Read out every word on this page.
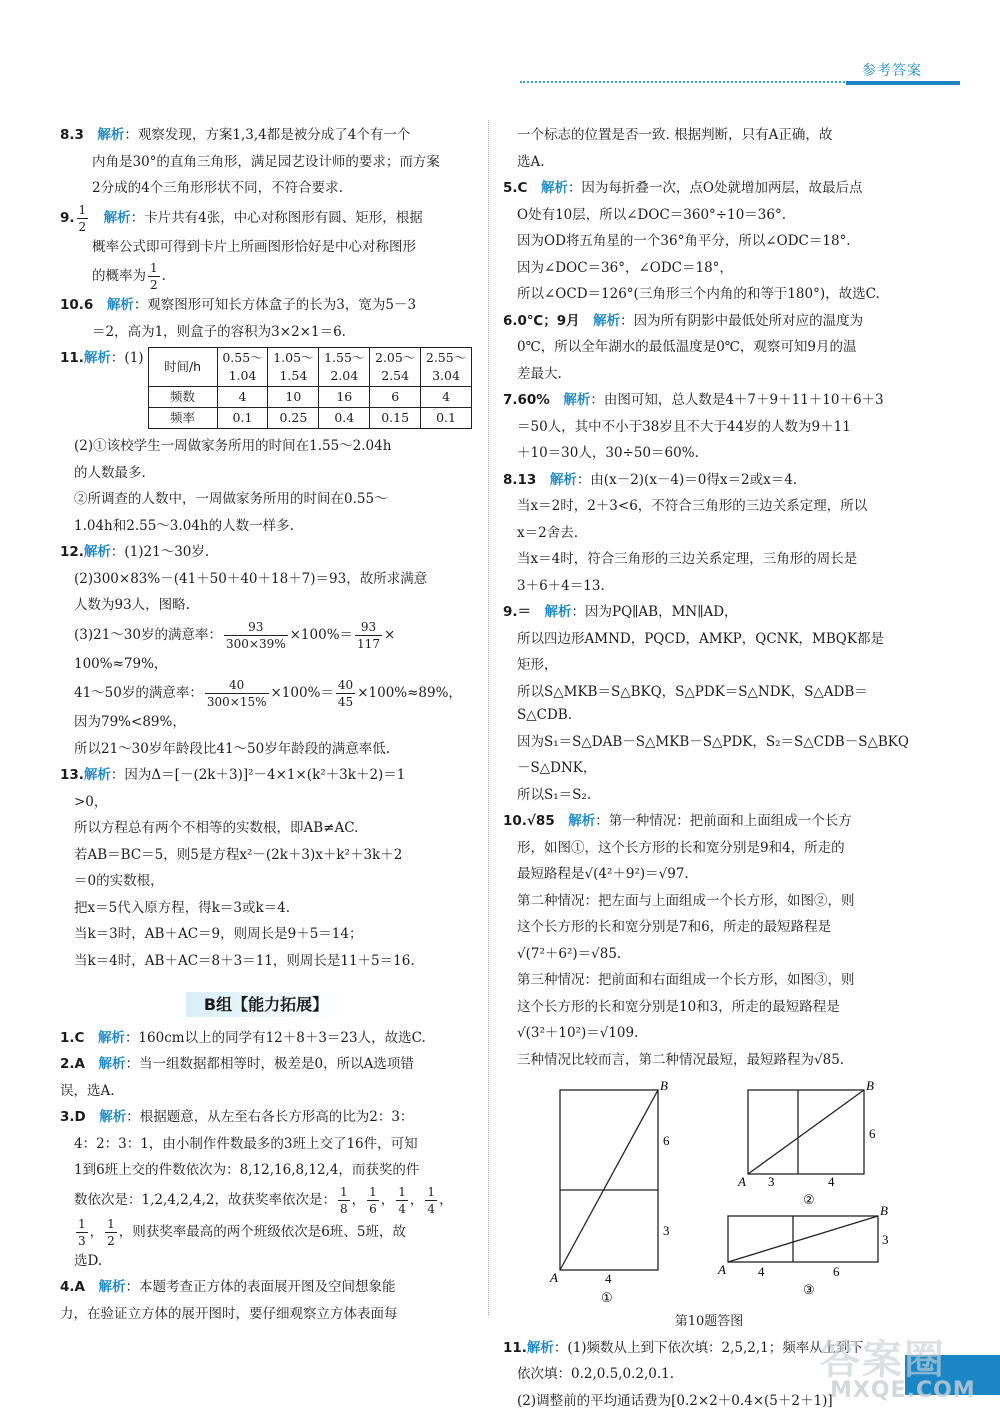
参考答案

8.3　 解析：观察发现，方案1,3,4都是被分成了4个有一个

内角是30°的直角三角形，满足园艺设计师的要求；而方案

2分成的4个三角形形状不同，不符合要求.

9. $\frac{1}{2}$
　 解析：卡片共有4张，中心对称图形有圆、矩形，根据

概率公式即可得到卡片上所画图形恰好是中心对称图形

的概率为 $\frac{1}{2}$ .

10.6　 解析：观察图形可知长方体盒子的长为3，宽为5－3

＝2，高为1，则盒子的容积为3×2×1＝6.

11.解析：(1)

时间/h	0.55～1.04	1.05～1.54	1.55～2.04	2.05～2.54	2.55～3.04
频数	4	10	16	6	4
频率	0.1	0.25	0.4	0.15	0.1

(2)①该校学生一周做家务所用的时间在1.55～2.04h

的人数最多.

②所调查的人数中，一周做家务所用的时间在0.55～

1.04h和2.55～3.04h的人数一样多.

12.解析：(1)21～30岁.

(2)300×83%－(41＋50＋40＋18＋7)＝93，故所求满意

人数为93人，图略.

(3)21～30岁的满意率： $\frac{93}{300\times 39\%} \times 100\%= \frac{93}{117}$ ×

100%≈79%，

41～50岁的满意率： $\frac{40}{300\times 15\%} \times 100\%= \frac{40}{45} \times 100\%\approx 89\%$，

因为79%<89%，

所以21～30岁年龄段比41～50岁年龄段的满意率低.

13.解析：因为Δ＝[－(2k＋3)]²－4×1×(k²＋3k＋2)＝1

>0，

所以方程总有两个不相等的实数根，即AB≠AC.

若AB＝BC＝5，则5是方程x²－(2k＋3)x＋k²＋3k＋2

＝0的实数根，

把x＝5代入原方程，得k＝3或k＝4.

当k＝3时，AB＋AC＝9，则周长是9＋5＝14；

当k＝4时，AB＋AC＝8＋3＝11，则周长是11＋5＝16.

B组【能力拓展】

1.C　 解析：160cm以上的同学有12＋8＋3＝23人，故选C.

2.A　 解析：当一组数据都相等时，极差是0，所以A选项错

误，选A.

3.D　 解析：根据题意，从左至右各长方形高的比为2：3：

4：2：3：1，由小制作件数最多的3班上交了16件，可知

1到6班上交的件数依次为：8,12,16,8,12,4，而获奖的件

数依次是：1,2,4,2,4,2，故获奖率依次是： $\frac{1}{8}$ ， $\frac{1}{6}$ ， $\frac{1}{4}$ ， $\frac{1}{4}$ ，

$\frac{1}{3}$ ， $\frac{1}{2}$ ，则获奖率最高的两个班级依次是6班、5班，故

选D.

4.A　 解析：本题考查正方体的表面展开图及空间想象能

力，在验证立方体的展开图时，要仔细观察立方体表面每

一个标志的位置是否一致. 根据判断，只有A正确，故

选A.

5.C　 解析：因为每折叠一次，点O处就增加两层，故最后点

O处有10层，所以∠DOC＝360°÷10＝36°.

因为OD将五角星的一个36°角平分，所以∠ODC＝18°.

因为∠DOC＝36°，∠ODC＝18°，

所以∠OCD＝126°(三角形三个内角的和等于180°)，故选C.

6.0℃；9月　 解析：因为所有阴影中最低处所对应的温度为

0℃，所以全年湖水的最低温度是0℃，观察可知9月的温

差最大.

7.60%　 解析：由图可知，总人数是4＋7＋9＋11＋10＋6＋3

＝50人，其中不小于38岁且不大于44岁的人数为9＋11

＋10＝30人，30÷50＝60%.

8.13　 解析：由(x－2)(x－4)＝0得x＝2或x＝4.

当x＝2时，2＋3<6，不符合三角形的三边关系定理，所以

x＝2舍去.

当x＝4时，符合三角形的三边关系定理，三角形的周长是

3＋6＋4＝13.

9.＝　 解析：因为PQ∥AB，MN∥AD，

所以四边形AMND，PQCD，AMKP，QCNK，MBQK都是

矩形，

所以S△MKB＝S△BKQ，S△PDK＝S△NDK，S△ADB＝S△CDB.

因为S₁＝S△DAB－S△MKB－S△PDK，S₂＝S△CDB－S△BKQ

－S△DNK，

所以S₁＝S₂.

10.√85　 解析：第一种情况：把前面和上面组成一个长方

形，如图①，这个长方形的长和宽分别是9和4，所走的

最短路程是√(4²＋9²)＝√97.

第二种情况：把左面与上面组成一个长方形，如图②，则

这个长方形的长和宽分别是7和6，所走的最短路程是

√(7²＋6²)＝√85.

第三种情况：把前面和右面组成一个长方形，如图③，则

这个长方形的长和宽分别是10和3，所走的最短路程是

√(3²＋10²)＝√109.

三种情况比较而言，第二种情况最短，最短路程为√85.

A
B
6
3
4
①
A
B
6
3	4
②
A
B
3
4	6
③

第10题答图

11.解析：(1)频数从上到下依次填：2,5,2,1；频率从上到下

依次填：0.2,0.5,0.2,0.1.

(2)调整前的平均通话费为[0.2×2＋0.4×(5＋2＋1)]

答案圈
MXQE.COM
